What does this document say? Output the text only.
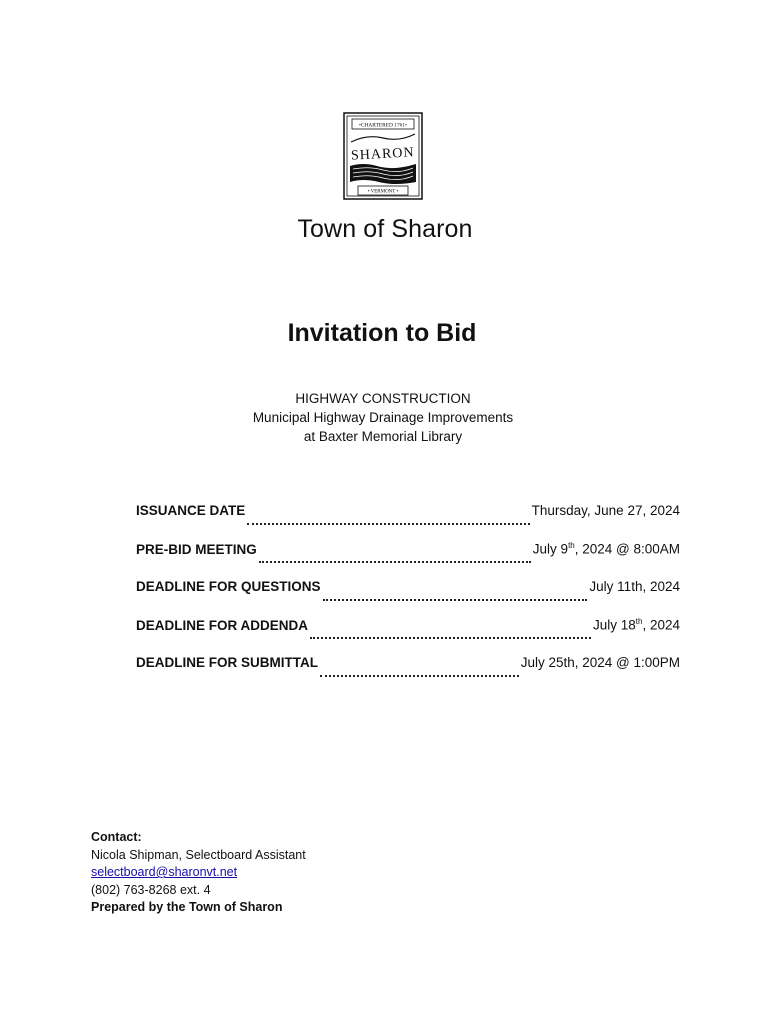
•CHARTERED 1761•
SHARON
• VERMONT •
Town of Sharon
Invitation to Bid
HIGHWAY CONSTRUCTION
Municipal Highway Drainage Improvements
at Baxter Memorial Library
ISSUANCE DATE	Thursday, June 27, 2024
PRE-BID MEETING	July 9th, 2024 @ 8:00AM
DEADLINE FOR QUESTIONS	July 11th, 2024
DEADLINE FOR ADDENDA	July 18th, 2024
DEADLINE FOR SUBMITTAL	July 25th, 2024 @ 1:00PM
Contact:
Nicola Shipman, Selectboard Assistant
selectboard@sharonvt.net
(802) 763-8268 ext. 4
Prepared by the Town of Sharon
